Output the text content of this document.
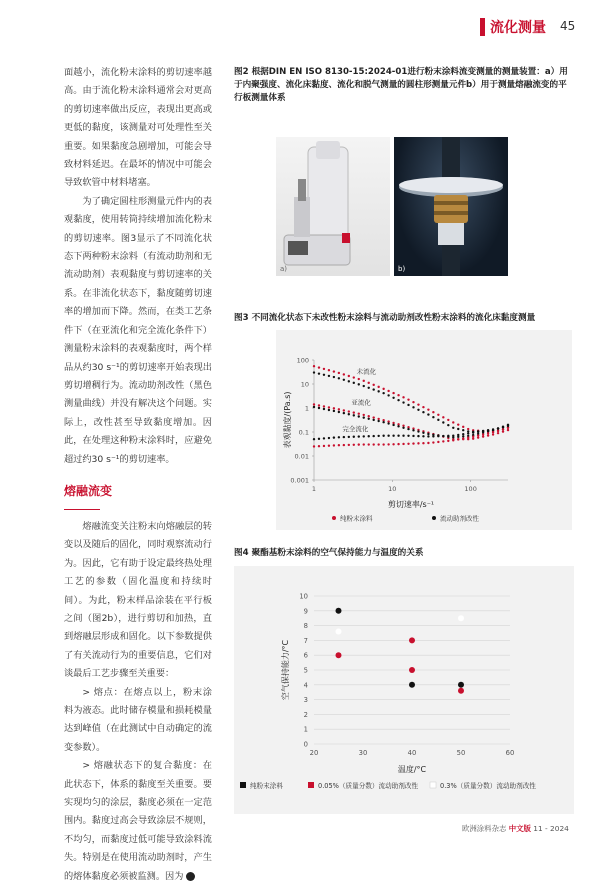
流化测量 45

面越小，流化粉末涂料的剪切速率越高。由于流化粉末涂料通常会对更高的剪切速率做出反应，表现出更高或更低的黏度，该测量对可处理性至关重要。如果黏度急剧增加，可能会导致材料延迟。在最坏的情况中可能会导致软管中材料堵塞。

为了确定圆柱形测量元件内的表观黏度，使用转筒持续增加流化粉末的剪切速率。图3显示了不同流化状态下两种粉末涂料（有流动助剂和无流动助剂）表观黏度与剪切速率的关系。在非流化状态下，黏度随剪切速率的增加而下降。然而，在类工艺条件下（在亚流化和完全流化条件下）测量粉末涂料的表观黏度时，两个样品从约30 s⁻¹的剪切速率开始表现出剪切增稠行为。流动助剂改性（黑色测量曲线）并没有解决这个问题。实际上，改性甚至导致黏度增加。因此，在处理这种粉末涂料时，应避免超过约30 s⁻¹的剪切速率。

熔融流变

熔融流变关注粉末向熔融层的转变以及随后的固化，同时观察流动行为。因此，它有助于设定最终热处理工艺的参数（固化温度和持续时间）。为此，粉末样品涂装在平行板之间（图2b），进行剪切和加热，直到熔融层形成和固化。以下参数提供了有关流动行为的重要信息，它们对谈最后工艺步骤至关重要：

> 熔点：在熔点以上，粉末涂料为液态。此时储存模量和损耗模量达到峰值（在此测试中自动确定的流变参数）。

> 熔融状态下的复合黏度：在此状态下，体系的黏度至关重要。要实现均匀的涂层，黏度必须在一定范围内。黏度过高会导致涂层不规则，不均匀，而黏度过低可能导致涂料流失。特别是在使用流动助剂时，产生的熔体黏度必须被监测。因为	›

图2 根据DIN EN ISO 8130-15:2024-01进行粉末涂料流变测量的测量装置：a）用于内聚强度、流化床黏度、流化和脱气测量的圆柱形测量元件b）用于测量熔融流变的平行板测量体系
a)	b)
图3 不同流化状态下未改性粉末涂料与流动助剂改性粉末涂料的流化床黏度测量
0.001
0.01
0.1
1
10
100
1	10	100
剪切速率/s⁻¹
表观黏度/(Pa.s)
未流化
亚流化
完全流化
纯粉末涂料	流动助剂改性
图4 聚酯基粉末涂料的空气保持能力与温度的关系
0
1
2
3
4
5
6
7
8
9
10
20	30	40	50	60
温度/°C
空气保持能力/°C
纯粉末涂料	0.05%（质量分数）流动助剂改性	0.3%（质量分数）流动助剂改性
欧洲涂料杂志 中文版 11 - 2024
